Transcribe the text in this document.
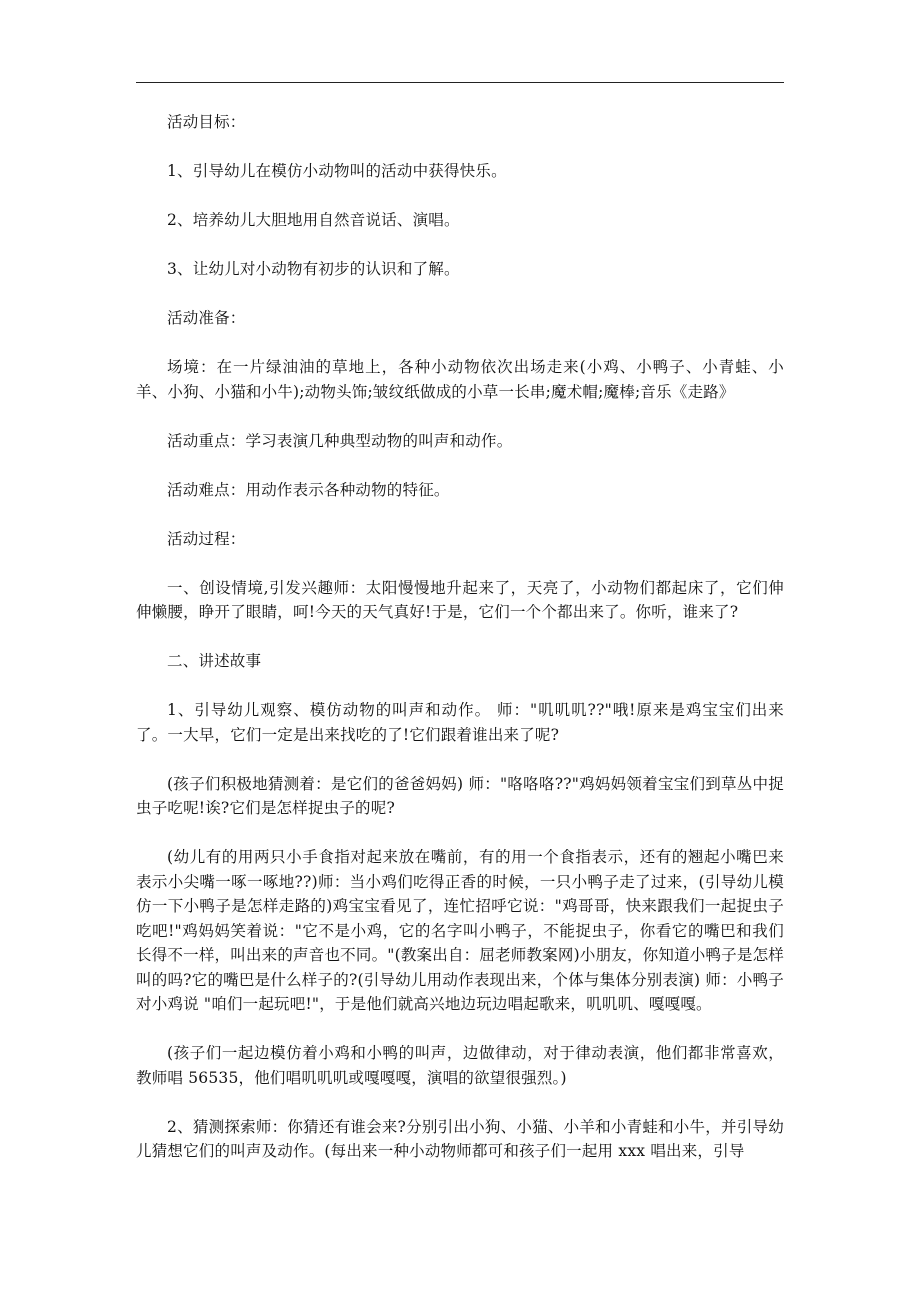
活动目标：

1、引导幼儿在模仿小动物叫的活动中获得快乐。

2、培养幼儿大胆地用自然音说话、演唱。

3、让幼儿对小动物有初步的认识和了解。

活动准备：

场境：在一片绿油油的草地上，各种小动物依次出场走来(小鸡、小鸭子、小青蛙、小羊、小狗、小猫和小牛);动物头饰;皱纹纸做成的小草一长串;魔术帽;魔棒;音乐《走路》

活动重点：学习表演几种典型动物的叫声和动作。

活动难点：用动作表示各种动物的特征。

活动过程：

一、创设情境,引发兴趣师：太阳慢慢地升起来了，天亮了，小动物们都起床了，它们伸伸懒腰，睁开了眼睛，呵!今天的天气真好!于是，它们一个个都出来了。你听，谁来了?

二、讲述故事

1、引导幼儿观察、模仿动物的叫声和动作。 师："叽叽叽??"哦!原来是鸡宝宝们出来了。一大早，它们一定是出来找吃的了!它们跟着谁出来了呢?

(孩子们积极地猜测着：是它们的爸爸妈妈) 师："咯咯咯??"鸡妈妈领着宝宝们到草丛中捉虫子吃呢!诶?它们是怎样捉虫子的呢?

(幼儿有的用两只小手食指对起来放在嘴前，有的用一个食指表示，还有的翘起小嘴巴来表示小尖嘴一啄一啄地??)师：当小鸡们吃得正香的时候，一只小鸭子走了过来，(引导幼儿模仿一下小鸭子是怎样走路的)鸡宝宝看见了，连忙招呼它说："鸡哥哥，快来跟我们一起捉虫子吃吧!"鸡妈妈笑着说："它不是小鸡，它的名字叫小鸭子，不能捉虫子，你看它的嘴巴和我们长得不一样，叫出来的声音也不同。"(教案出自：屈老师教案网)小朋友，你知道小鸭子是怎样叫的吗?它的嘴巴是什么样子的?(引导幼儿用动作表现出来，个体与集体分别表演) 师：小鸭子对小鸡说 "咱们一起玩吧!"，于是他们就高兴地边玩边唱起歌来，叽叽叽、嘎嘎嘎。

(孩子们一起边模仿着小鸡和小鸭的叫声，边做律动，对于律动表演，他们都非常喜欢，教师唱 56535，他们唱叽叽叽或嘎嘎嘎，演唱的欲望很强烈。)

2、猜测探索师：你猜还有谁会来?分别引出小狗、小猫、小羊和小青蛙和小牛，并引导幼儿猜想它们的叫声及动作。(每出来一种小动物师都可和孩子们一起用 xxx 唱出来，引导
